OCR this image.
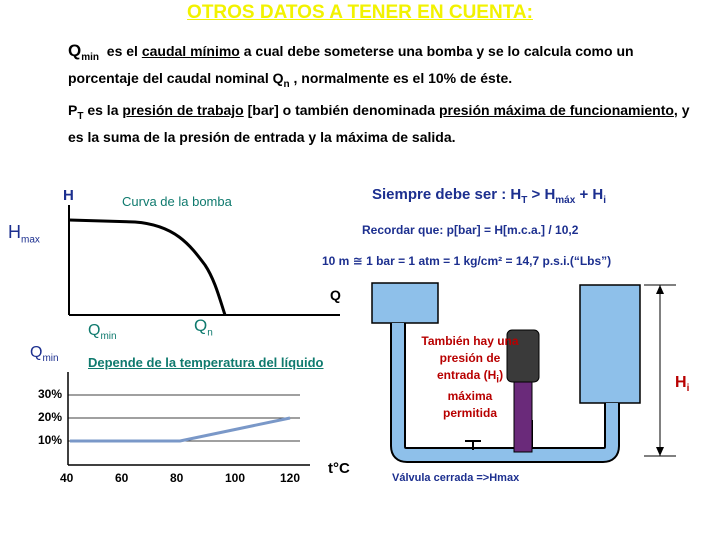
OTROS DATOS A TENER EN CUENTA:
$Q_{min}$ es el caudal mínimo a cual debe someterse una bomba y se lo calcula como un porcentaje del caudal nominal $Q_n$ , normalmente es el 10% de éste.
$P_T$ es la presión de trabajo [bar] o también denominada presión máxima de funcionamiento, y es la suma de la presión de entrada y la máxima de salida.
H
$H_{max}$
Curva de la bomba
Q
$Q_{min}$
$Q_n$
Siempre debe ser : $H_T > H_{máx} + H_i$
Recordar que: p[bar] = H[m.c.a.] / 10,2
10 m ≅ 1 bar = 1 atm = 1 kg/cm² = 14,7 p.s.i.(“Lbs”)
$Q_{min}$ Depende de la temperatura del líquido
30%
20%
10%
40	60	80	100	120
t°C
También hay una
presión de
entrada $(H_i)$
máxima
permitida
$H_i$
Válvula cerrada =>Hmax
